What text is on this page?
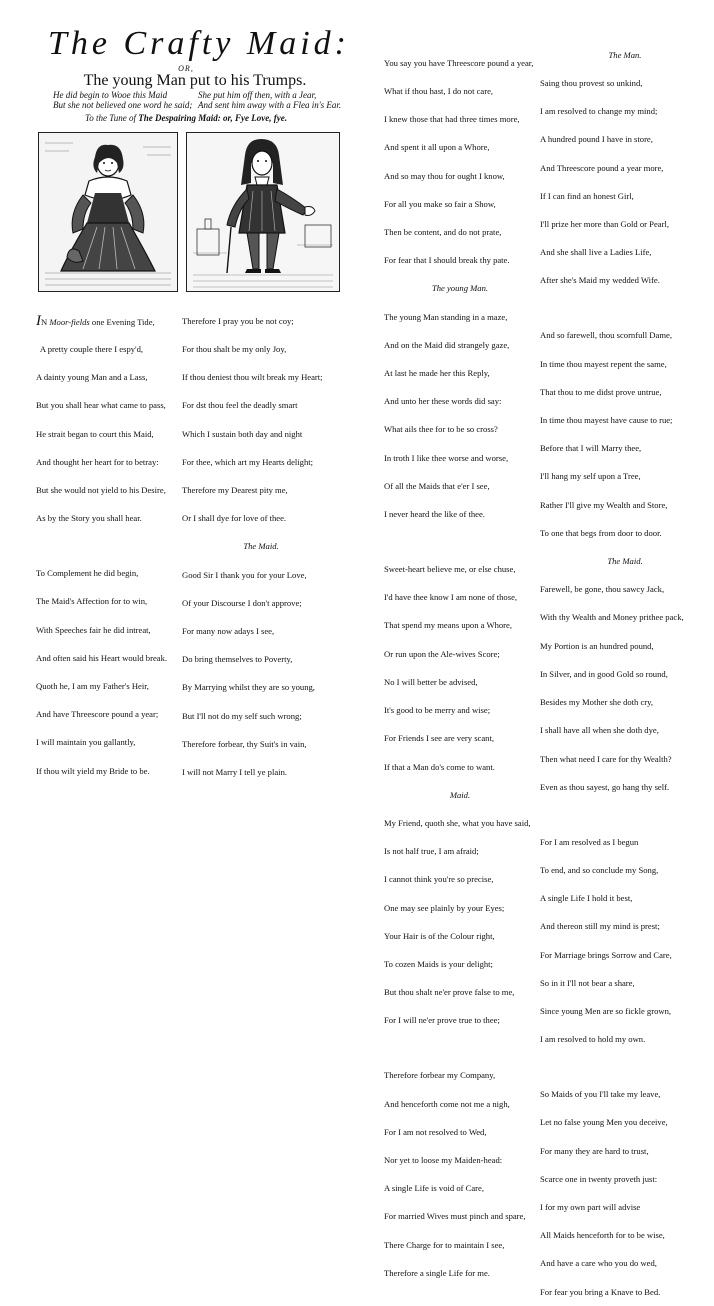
The Crafty Maid:
OR,
The young Man put to his Trumps.
He did begin to Wooe this Maid
But she not believed one word he said;
She put him off then, with a Jear,
And sent him away with a Flea in's Ear.
To the Tune of The Despairing Maid: or, Fye Love, fye.

IN Moor-fields one Evening Tide,

A pretty couple there I espy'd,

A dainty young Man and a Lass,

But you shall hear what came to pass,

He strait began to court this Maid,

And thought her heart for to betray:

But she would not yield to his Desire,

As by the Story you shall hear.

To Complement he did begin,

The Maid's Affection for to win,

With Speeches fair he did intreat,

And often said his Heart would break.

Quoth he, I am my Father's Heir,

And have Threescore pound a year;

I will maintain you gallantly,

If thou wilt yield my Bride to be.

Therefore I pray you be not coy;

For thou shalt be my only Joy,

If thou deniest thou wilt break my Heart;

For dst thou feel the deadly smart

Which I sustain both day and night

For thee, which art my Hearts delight;

Therefore my Dearest pity me,

Or I shall dye for love of thee.

The Maid.

Good Sir I thank you for your Love,

Of your Discourse I don't approve;

For many now adays I see,

Do bring themselves to Poverty,

By Marrying whilst they are so young,

But I'll not do my self such wrong;

Therefore forbear, thy Suit's in vain,

I will not Marry I tell ye plain.

You say you have Threescore pound a year,

What if thou hast, I do not care,

I knew those that had three times more,

And spent it all upon a Whore,

And so may thou for ought I know,

For all you make so fair a Show,

Then be content, and do not prate,

For fear that I should break thy pate.

The young Man.

The young Man standing in a maze,

And on the Maid did strangely gaze,

At last he made her this Reply,

And unto her these words did say:

What ails thee for to be so cross?

In troth I like thee worse and worse,

Of all the Maids that e'er I see,

I never heard the like of thee.

Sweet-heart believe me, or else chuse,

I'd have thee know I am none of those,

That spend my means upon a Whore,

Or run upon the Ale-wives Score;

No I will better be advised,

It's good to be merry and wise;

For Friends I see are very scant,

If that a Man do's come to want.

Maid.

My Friend, quoth she, what you have said,

Is not half true, I am afraid;

I cannot think you're so precise,

One may see plainly by your Eyes;

Your Hair is of the Colour right,

To cozen Maids is your delight;

But thou shalt ne'er prove false to me,

For I will ne'er prove true to thee;

Therefore forbear my Company,

And henceforth come not me a nigh,

For I am not resolved to Wed,

Nor yet to loose my Maiden-head:

A single Life is void of Care,

For married Wives must pinch and spare,

There Charge for to maintain I see,

Therefore a single Life for me.

The Man.

Saing thou provest so unkind,

I am resolved to change my mind;

A hundred pound I have in store,

And Threescore pound a year more,

If I can find an honest Girl,

I'll prize her more than Gold or Pearl,

And she shall live a Ladies Life,

After she's Maid my wedded Wife.

And so farewell, thou scornfull Dame,

In time thou mayest repent the same,

That thou to me didst prove untrue,

In time thou mayest have cause to rue;

Before that I will Marry thee,

I'll hang my self upon a Tree,

Rather I'll give my Wealth and Store,

To one that begs from door to door.

The Maid.

Farewell, be gone, thou sawcy Jack,

With thy Wealth and Money prithee pack,

My Portion is an hundred pound,

In Silver, and in good Gold so round,

Besides my Mother she doth cry,

I shall have all when she doth dye,

Then what need I care for thy Wealth?

Even as thou sayest, go hang thy self.

For I am resolved as I begun

To end, and so conclude my Song,

A single Life I hold it best,

And thereon still my mind is prest;

For Marriage brings Sorrow and Care,

So in it I'll not bear a share,

Since young Men are so fickle grown,

I am resolved to hold my own.

So Maids of you I'll take my leave,

Let no false young Men you deceive,

For many they are hard to trust,

Scarce one in twenty proveth just:

I for my own part will advise

All Maids henceforth for to be wise,

And have a care who you do wed,

For fear you bring a Knave to Bed.
